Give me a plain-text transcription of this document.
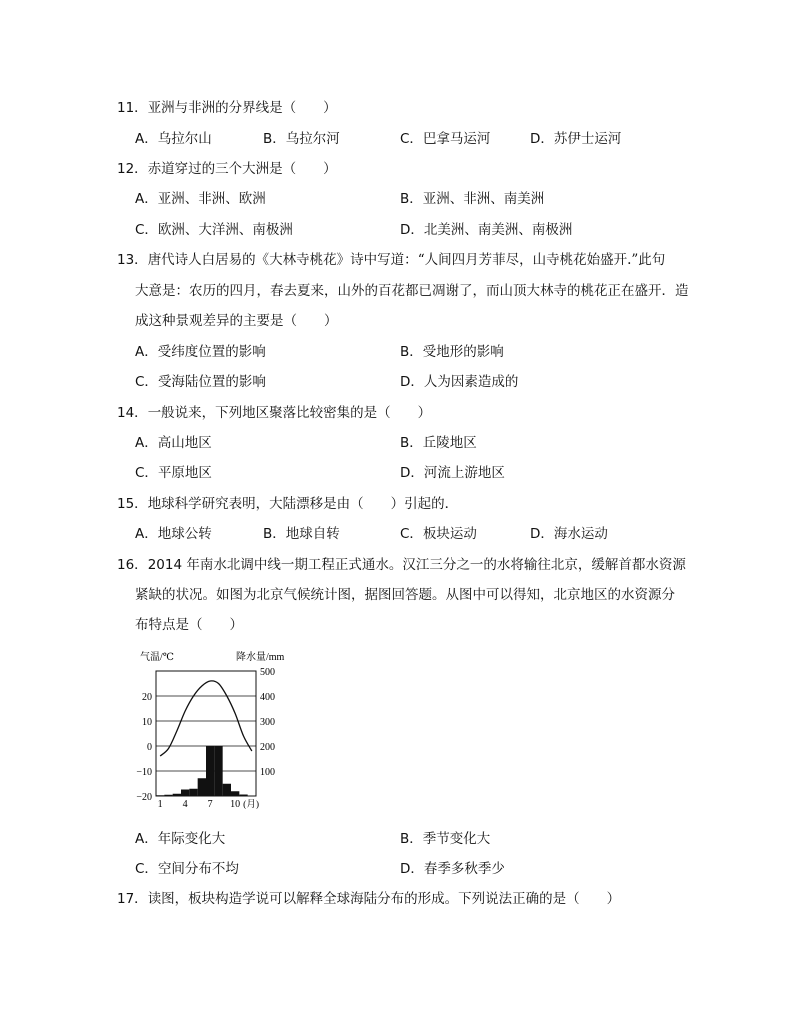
11．亚洲与非洲的分界线是（　　）
A．乌拉尔山	B．乌拉尔河	C．巴拿马运河	D．苏伊士运河
12．赤道穿过的三个大洲是（　　）
A．亚洲、非洲、欧洲	B．亚洲、非洲、南美洲
C．欧洲、大洋洲、南极洲	D．北美洲、南美洲、南极洲
13．唐代诗人白居易的《大林寺桃花》诗中写道：“人间四月芳菲尽，山寺桃花始盛开.”此句
大意是：农历的四月，春去夏来，山外的百花都已凋谢了，而山顶大林寺的桃花正在盛开．造
成这种景观差异的主要是（　　）
A．受纬度位置的影响	B．受地形的影响
C．受海陆位置的影响	D．人为因素造成的
14．一般说来，下列地区聚落比较密集的是（　　）
A．高山地区	B．丘陵地区
C．平原地区	D．河流上游地区
15．地球科学研究表明，大陆漂移是由（　　）引起的．
A．地球公转	B．地球自转	C．板块运动	D．海水运动
16．2014 年南水北调中线一期工程正式通水。汉江三分之一的水将输往北京，缓解首都水资源
紧缺的状况。如图为北京气候统计图，据图回答题。从图中可以得知，北京地区的水资源分
布特点是（　　）
气温/℃	降水量/mm
20
10
0
−10
−20
500
400
300
200
100
1 4 7 10 (月)
A．年际变化大	B．季节变化大
C．空间分布不均	D．春季多秋季少
17．读图，板块构造学说可以解释全球海陆分布的形成。下列说法正确的是（　　）
